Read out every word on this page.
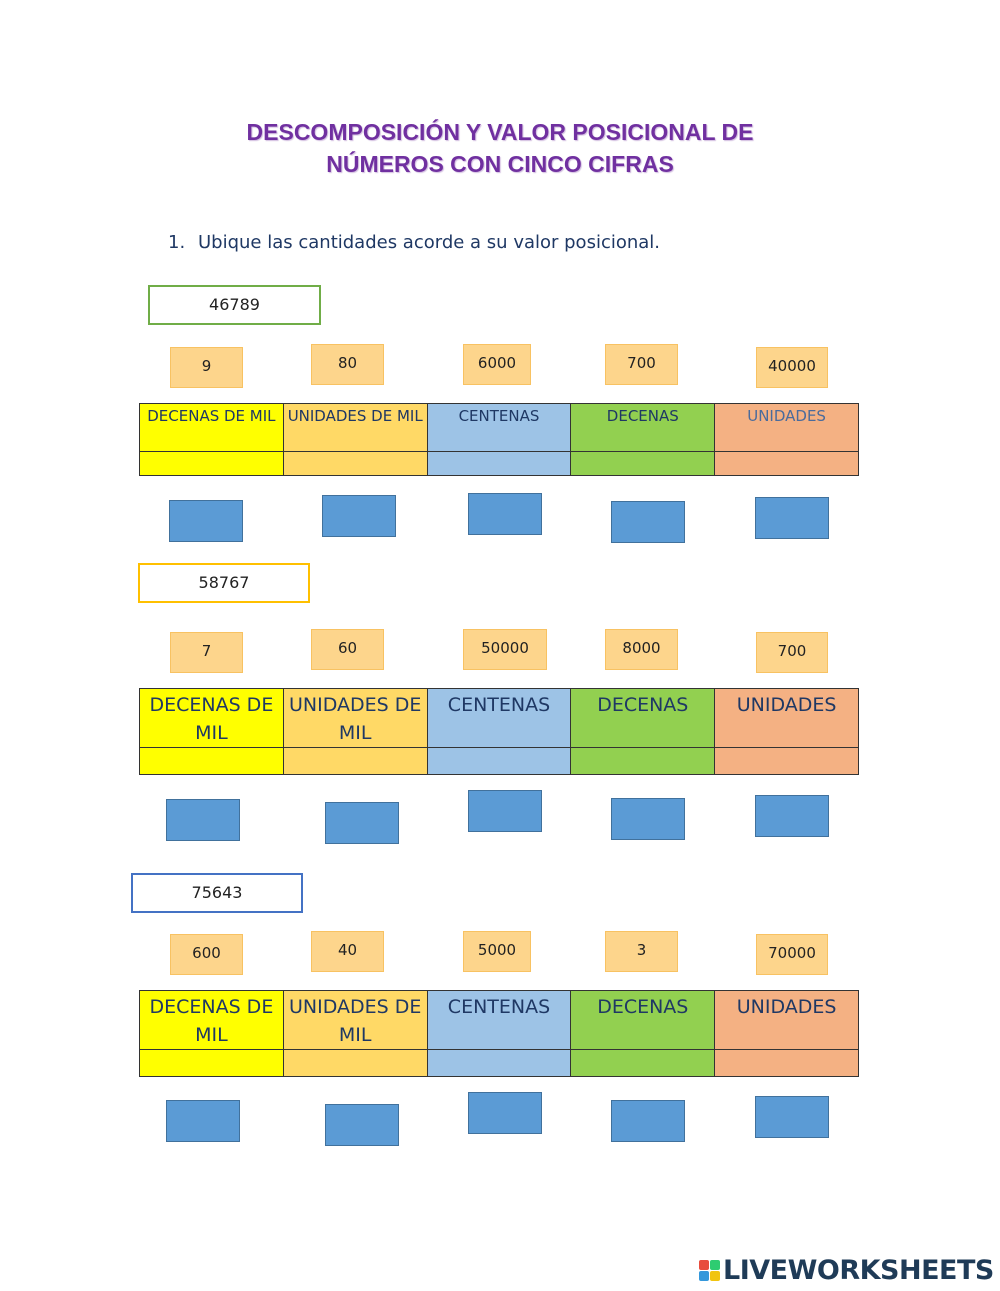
DESCOMPOSICIÓN Y VALOR POSICIONAL DE
NÚMEROS CON CINCO CIFRAS
1. Ubique las cantidades acorde a su valor posicional.
46789
9	80	6000	700	40000
DECENAS DE MIL	UNIDADES DE MIL	CENTENAS	DECENAS	UNIDADES

58767
7	60	50000	8000	700
DECENAS DE MIL	UNIDADES DE MIL	CENTENAS	DECENAS	UNIDADES

75643
600	40	5000	3	70000
DECENAS DE MIL	UNIDADES DE MIL	CENTENAS	DECENAS	UNIDADES

LIVEWORKSHEETS
